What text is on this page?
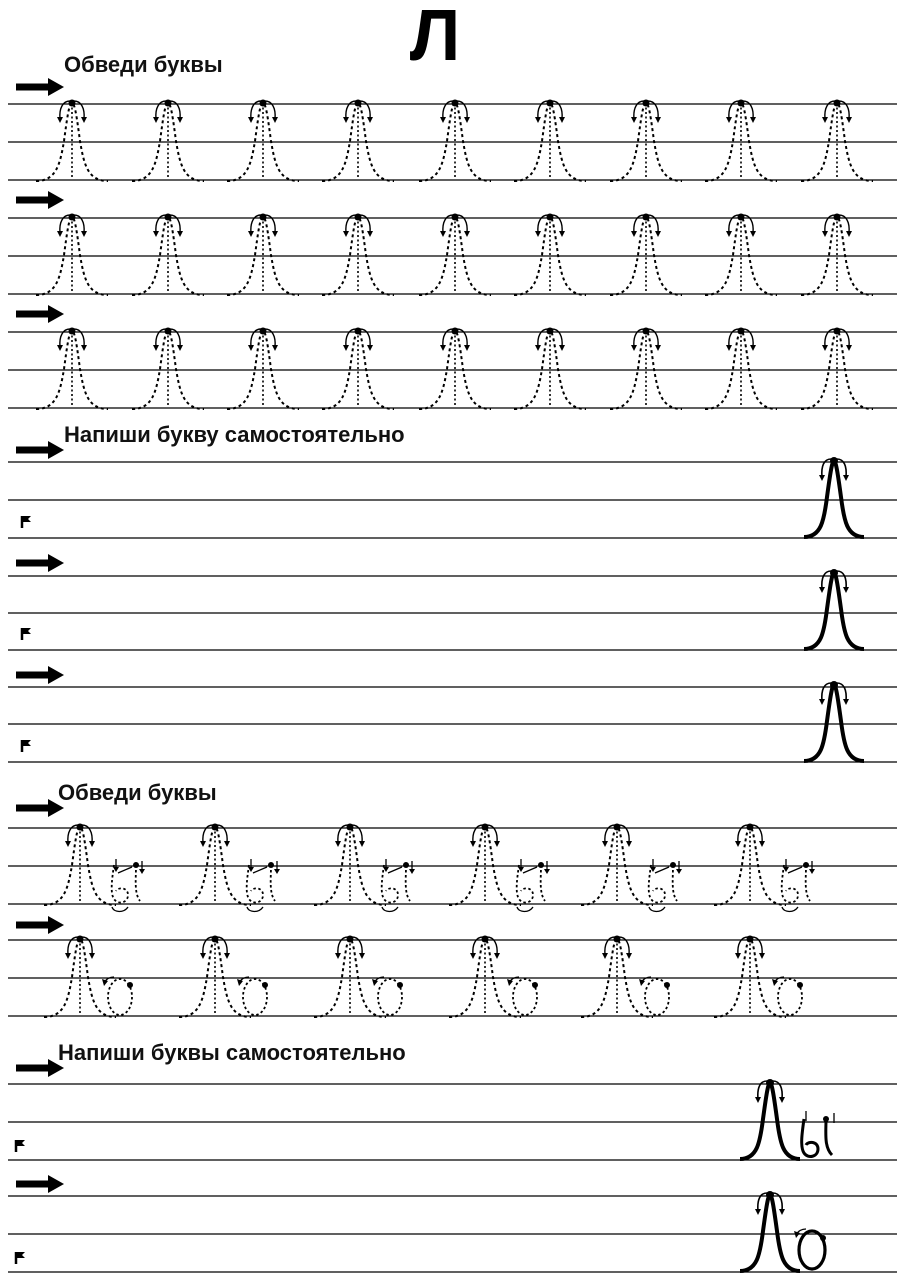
Л
Обведи буквы
Напиши букву самостоятельно
Обведи буквы
Напиши буквы самостоятельно
